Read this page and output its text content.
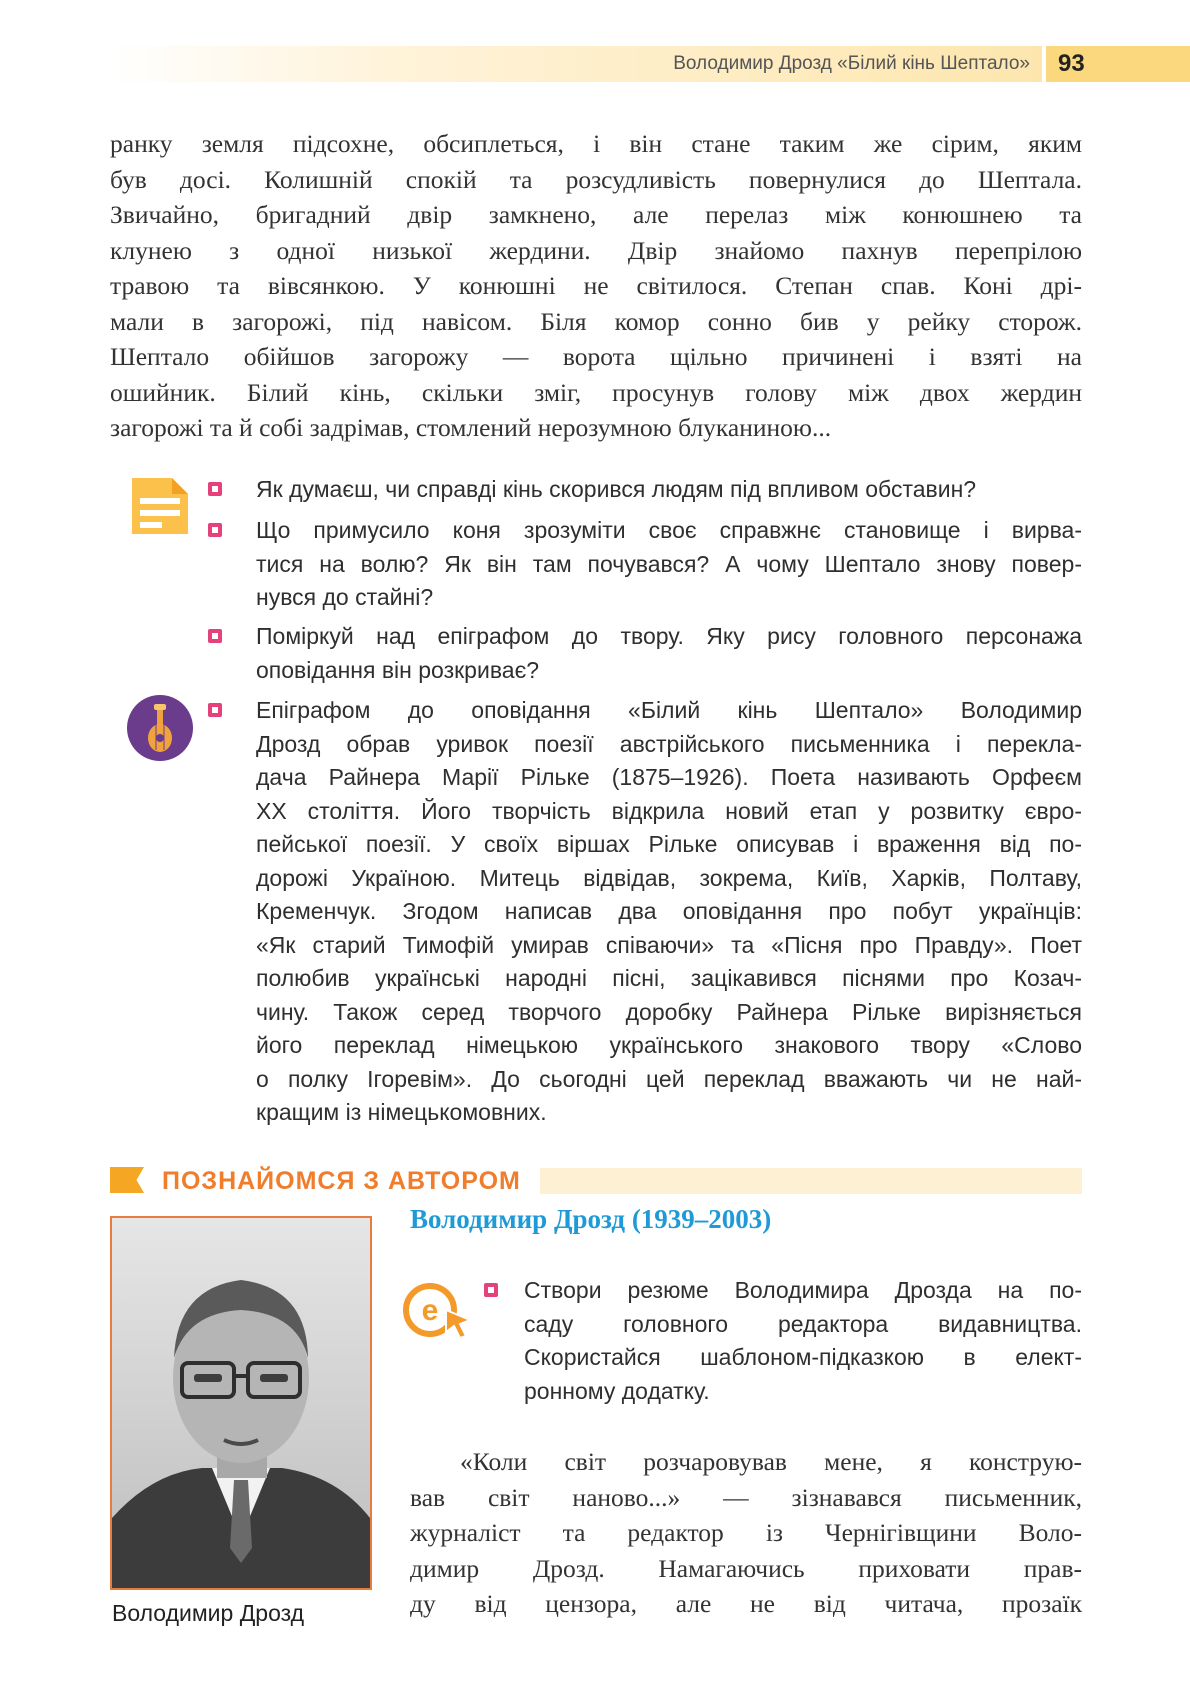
Володимир Дрозд «Білий кінь Шептало»	93
ранку земля підсохне, обсиплеться, і він стане таким же сірим, яким
був досі. Колишній спокій та розсудливість повернулися до Шептала.
Звичайно, бригадний двір замкнено, але перелаз між конюшнею та
клунею з одної низької жердини. Двір знайомо пахнув перепрілою
травою та вівсянкою. У конюшні не світилося. Степан спав. Коні дрі-
мали в загорожі, під навісом. Біля комор сонно бив у рейку сторож.
Шептало обійшов загорожу — ворота щільно причинені і взяті на
ошийник. Білий кінь, скільки зміг, просунув голову між двох жердин
загорожі та й собі задрімав, стомлений нерозумною блуканиною...
Як думаєш, чи справді кінь скорився людям під впливом обставин?
Що примусило коня зрозуміти своє справжнє становище і вирва-
тися на волю? Як він там почувався? А чому Шептало знову повер-
нувся до стайні?
Поміркуй над епіграфом до твору. Яку рису головного персонажа
оповідання він розкриває?
Епіграфом до оповідання «Білий кінь Шептало» Володимир
Дрозд обрав уривок поезії австрійського письменника і перекла-
дача Райнера Марії Рільке (1875–1926). Поета називають Орфеєм
XX століття. Його творчість відкрила новий етап у розвитку євро-
пейської поезії. У своїх віршах Рільке описував і враження від по-
дорожі Україною. Митець відвідав, зокрема, Київ, Харків, Полтаву,
Кременчук. Згодом написав два оповідання про побут українців:
«Як старий Тимофій умирав співаючи» та «Пісня про Правду». Поет
полюбив українські народні пісні, зацікавився піснями про Козач-
чину. Також серед творчого доробку Райнера Рільке вирізняється
його переклад німецькою українського знакового твору «Слово
о полку Ігоревім». До сьогодні цей переклад вважають чи не най-
кращим із німецькомовних.
ПОЗНАЙОМСЯ З АВТОРОМ
Володимир Дрозд
Володимир Дрозд (1939–2003)
e
Створи резюме Володимира Дрозда на по-
саду головного редактора видавництва.
Скористайся шаблоном-підказкою в елект-
ронному додатку.
«Коли світ розчаровував мене, я конструю-
вав світ наново...» — зізнавався письменник,
журналіст та редактор із Чернігівщини Воло-
димир Дрозд. Намагаючись приховати прав-
ду від цензора, але не від читача, прозаїк
